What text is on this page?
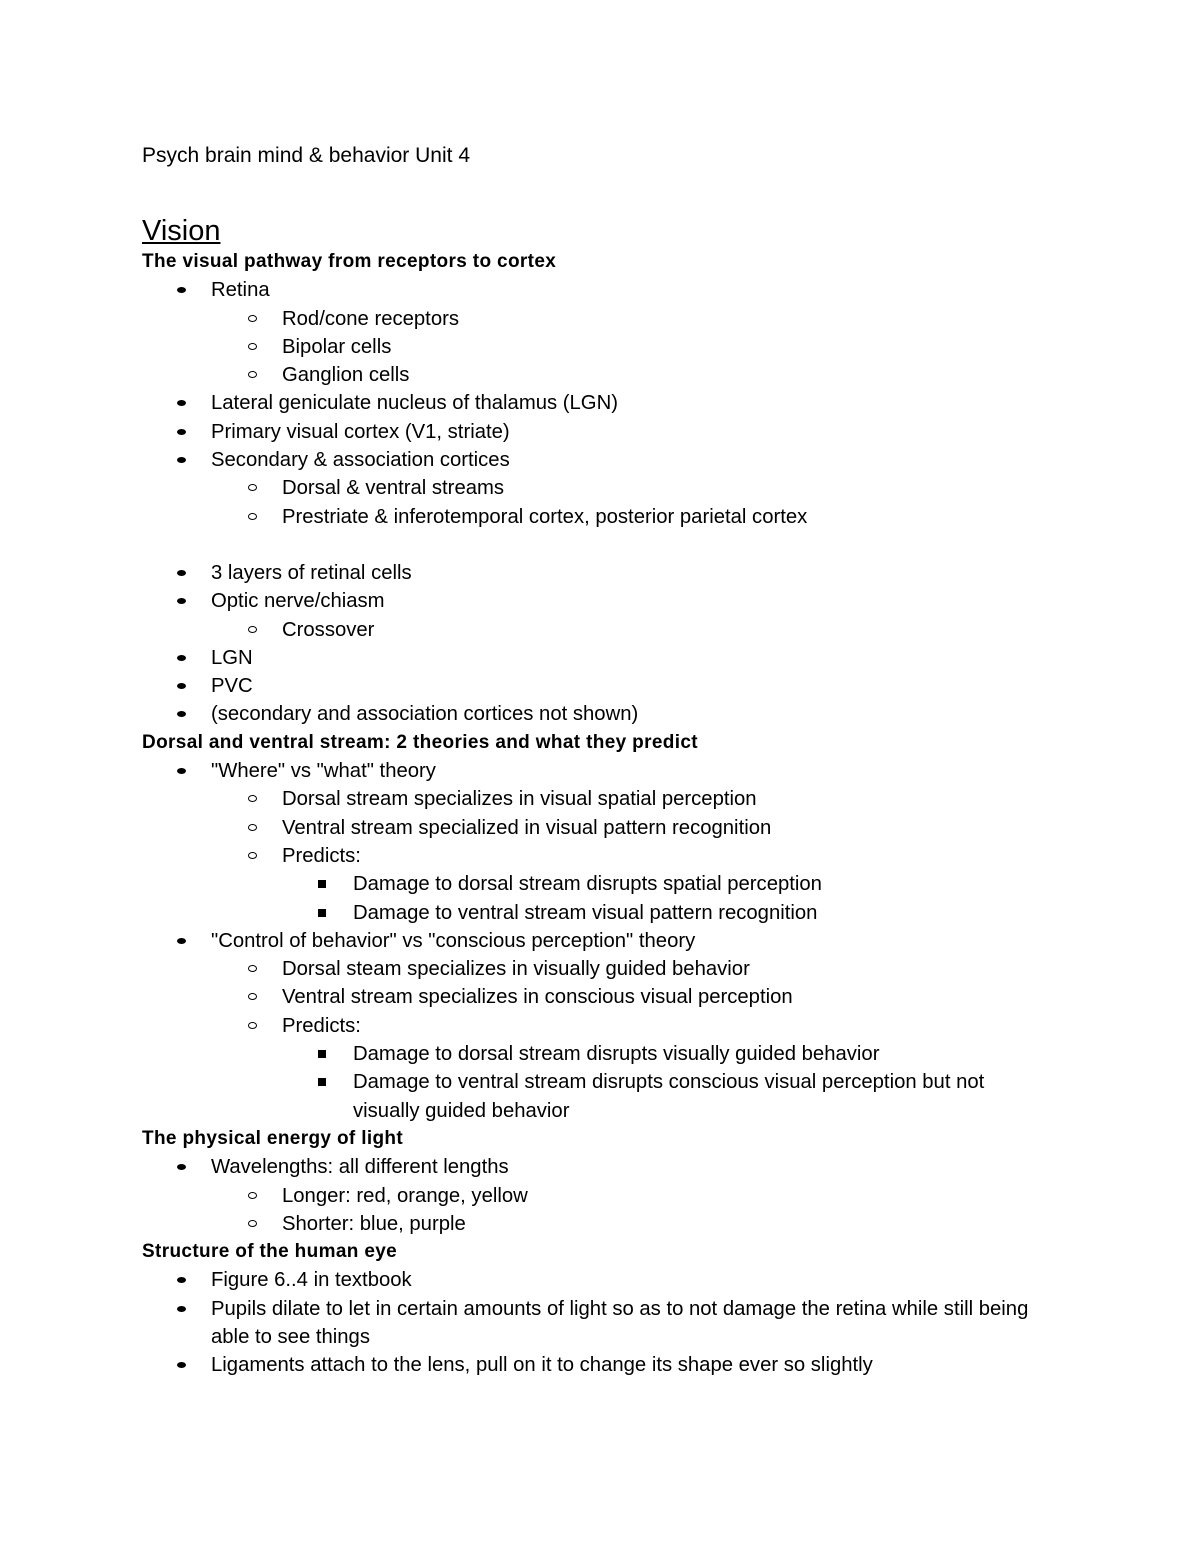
Psych brain mind & behavior Unit 4
Vision
The visual pathway from receptors to cortex
Retina
Rod/cone receptors
Bipolar cells
Ganglion cells
Lateral geniculate nucleus of thalamus (LGN)
Primary visual cortex (V1, striate)
Secondary & association cortices
Dorsal & ventral streams
Prestriate & inferotemporal cortex, posterior parietal cortex
3 layers of retinal cells
Optic nerve/chiasm
Crossover
LGN
PVC
(secondary and association cortices not shown)
Dorsal and ventral stream: 2 theories and what they predict
"Where" vs "what" theory
Dorsal stream specializes in visual spatial perception
Ventral stream specialized in visual pattern recognition
Predicts:
Damage to dorsal stream disrupts spatial perception
Damage to ventral stream visual pattern recognition
"Control of behavior" vs "conscious perception" theory
Dorsal steam specializes in visually guided behavior
Ventral stream specializes in conscious visual perception
Predicts:
Damage to dorsal stream disrupts visually guided behavior
Damage to ventral stream disrupts conscious visual perception but not visually guided behavior
The physical energy of light
Wavelengths: all different lengths
Longer: red, orange, yellow
Shorter: blue, purple
Structure of the human eye
Figure 6..4 in textbook
Pupils dilate to let in certain amounts of light so as to not damage the retina while still being able to see things
Ligaments attach to the lens, pull on it to change its shape ever so slightly
